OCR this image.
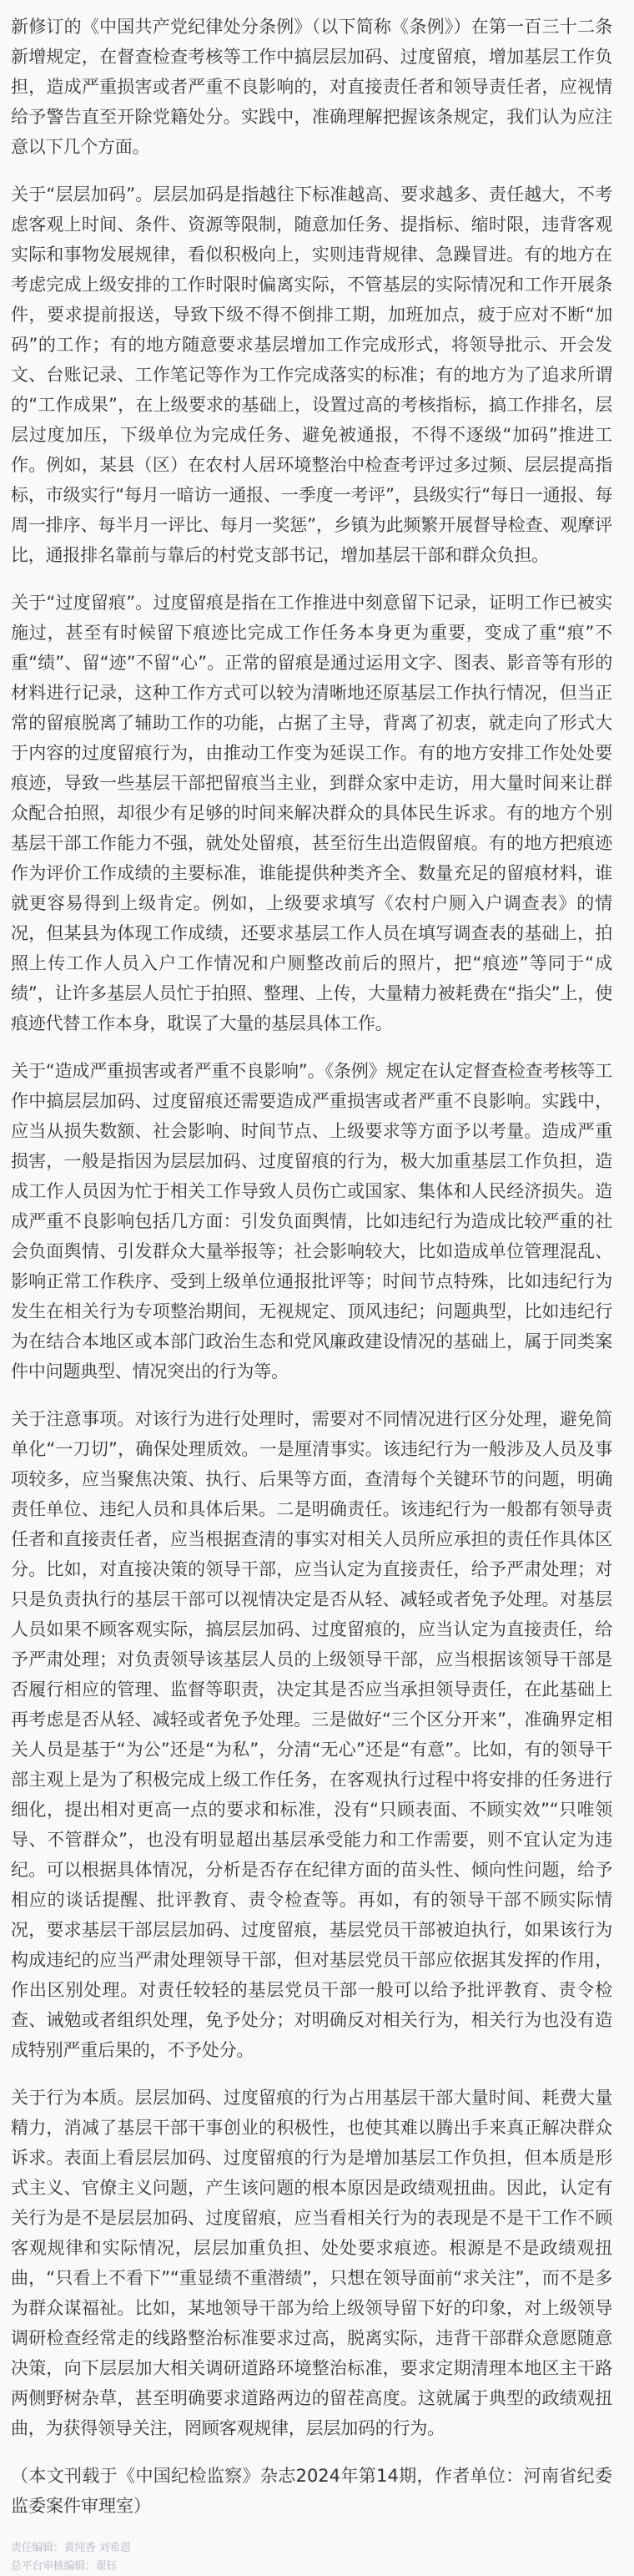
新修订的《中国共产党纪律处分条例》（以下简称《条例》）在第一百三十二条新增规定，在督查检查考核等工作中搞层层加码、过度留痕，增加基层工作负担，造成严重损害或者严重不良影响的，对直接责任者和领导责任者，应视情给予警告直至开除党籍处分。实践中，准确理解把握该条规定，我们认为应注意以下几个方面。

关于“层层加码”。层层加码是指越往下标准越高、要求越多、责任越大，不考虑客观上时间、条件、资源等限制，随意加任务、提指标、缩时限，违背客观实际和事物发展规律，看似积极向上，实则违背规律、急躁冒进。有的地方在考虑完成上级安排的工作时限时偏离实际，不管基层的实际情况和工作开展条件，要求提前报送，导致下级不得不倒排工期，加班加点，疲于应对不断“加码”的工作；有的地方随意要求基层增加工作完成形式，将领导批示、开会发文、台账记录、工作笔记等作为工作完成落实的标准；有的地方为了追求所谓的“工作成果”，在上级要求的基础上，设置过高的考核指标，搞工作排名，层层过度加压，下级单位为完成任务、避免被通报，不得不逐级“加码”推进工作。例如，某县（区）在农村人居环境整治中检查考评过多过频、层层提高指标，市级实行“每月一暗访一通报、一季度一考评”，县级实行“每日一通报、每周一排序、每半月一评比、每月一奖惩”，乡镇为此频繁开展督导检查、观摩评比，通报排名靠前与靠后的村党支部书记，增加基层干部和群众负担。

关于“过度留痕”。过度留痕是指在工作推进中刻意留下记录，证明工作已被实施过，甚至有时候留下痕迹比完成工作任务本身更为重要，变成了重“痕”不重“绩”、留“迹”不留“心”。正常的留痕是通过运用文字、图表、影音等有形的材料进行记录，这种工作方式可以较为清晰地还原基层工作执行情况，但当正常的留痕脱离了辅助工作的功能，占据了主导，背离了初衷，就走向了形式大于内容的过度留痕行为，由推动工作变为延误工作。有的地方安排工作处处要痕迹，导致一些基层干部把留痕当主业，到群众家中走访，用大量时间来让群众配合拍照，却很少有足够的时间来解决群众的具体民生诉求。有的地方个别基层干部工作能力不强，就处处留痕，甚至衍生出造假留痕。有的地方把痕迹作为评价工作成绩的主要标准，谁能提供种类齐全、数量充足的留痕材料，谁就更容易得到上级肯定。例如，上级要求填写《农村户厕入户调查表》的情况，但某县为体现工作成绩，还要求基层工作人员在填写调查表的基础上，拍照上传工作人员入户工作情况和户厕整改前后的照片，把“痕迹”等同于“成绩”，让许多基层人员忙于拍照、整理、上传，大量精力被耗费在“指尖”上，使痕迹代替工作本身，耽误了大量的基层具体工作。

关于“造成严重损害或者严重不良影响”。《条例》规定在认定督查检查考核等工作中搞层层加码、过度留痕还需要造成严重损害或者严重不良影响。实践中，应当从损失数额、社会影响、时间节点、上级要求等方面予以考量。造成严重损害，一般是指因为层层加码、过度留痕的行为，极大加重基层工作负担，造成工作人员因为忙于相关工作导致人员伤亡或国家、集体和人民经济损失。造成严重不良影响包括几方面：引发负面舆情，比如违纪行为造成比较严重的社会负面舆情、引发群众大量举报等；社会影响较大，比如造成单位管理混乱、影响正常工作秩序、受到上级单位通报批评等；时间节点特殊，比如违纪行为发生在相关行为专项整治期间，无视规定、顶风违纪；问题典型，比如违纪行为在结合本地区或本部门政治生态和党风廉政建设情况的基础上，属于同类案件中问题典型、情况突出的行为等。

关于注意事项。对该行为进行处理时，需要对不同情况进行区分处理，避免简单化“一刀切”，确保处理质效。一是厘清事实。该违纪行为一般涉及人员及事项较多，应当聚焦决策、执行、后果等方面，查清每个关键环节的问题，明确责任单位、违纪人员和具体后果。二是明确责任。该违纪行为一般都有领导责任者和直接责任者，应当根据查清的事实对相关人员所应承担的责任作具体区分。比如，对直接决策的领导干部，应当认定为直接责任，给予严肃处理；对只是负责执行的基层干部可以视情决定是否从轻、减轻或者免予处理。对基层人员如果不顾客观实际，搞层层加码、过度留痕的，应当认定为直接责任，给予严肃处理；对负责领导该基层人员的上级领导干部，应当根据该领导干部是否履行相应的管理、监督等职责，决定其是否应当承担领导责任，在此基础上再考虑是否从轻、减轻或者免予处理。三是做好“三个区分开来”，准确界定相关人员是基于“为公”还是“为私”，分清“无心”还是“有意”。比如，有的领导干部主观上是为了积极完成上级工作任务，在客观执行过程中将安排的任务进行细化，提出相对更高一点的要求和标准，没有“只顾表面、不顾实效”“只唯领导、不管群众”，也没有明显超出基层承受能力和工作需要，则不宜认定为违纪。可以根据具体情况，分析是否存在纪律方面的苗头性、倾向性问题，给予相应的谈话提醒、批评教育、责令检查等。再如，有的领导干部不顾实际情况，要求基层干部层层加码、过度留痕，基层党员干部被迫执行，如果该行为构成违纪的应当严肃处理领导干部，但对基层党员干部应依据其发挥的作用，作出区别处理。对责任较轻的基层党员干部一般可以给予批评教育、责令检查、诫勉或者组织处理，免予处分；对明确反对相关行为，相关行为也没有造成特别严重后果的，不予处分。

关于行为本质。层层加码、过度留痕的行为占用基层干部大量时间、耗费大量精力，消减了基层干部干事创业的积极性，也使其难以腾出手来真正解决群众诉求。表面上看层层加码、过度留痕的行为是增加基层工作负担，但本质是形式主义、官僚主义问题，产生该问题的根本原因是政绩观扭曲。因此，认定有关行为是不是层层加码、过度留痕，应当看相关行为的表现是不是干工作不顾客观规律和实际情况，层层加重负担、处处要求痕迹。根源是不是政绩观扭曲，“只看上不看下”“重显绩不重潜绩”，只想在领导面前“求关注”，而不是多为群众谋福祉。比如，某地领导干部为给上级领导留下好的印象，对上级领导调研检查经常走的线路整治标准要求过高，脱离实际，违背干部群众意愿随意决策，向下层层加大相关调研道路环境整治标准，要求定期清理本地区主干路两侧野树杂草，甚至明确要求道路两边的留茬高度。这就属于典型的政绩观扭曲，为获得领导关注，罔顾客观规律，层层加码的行为。

（本文刊载于《中国纪检监察》杂志2024年第14期，作者单位：河南省纪委监委案件审理室）

责任编辑：黄纯香 刘希恩
总平台审核编辑：翟钰
